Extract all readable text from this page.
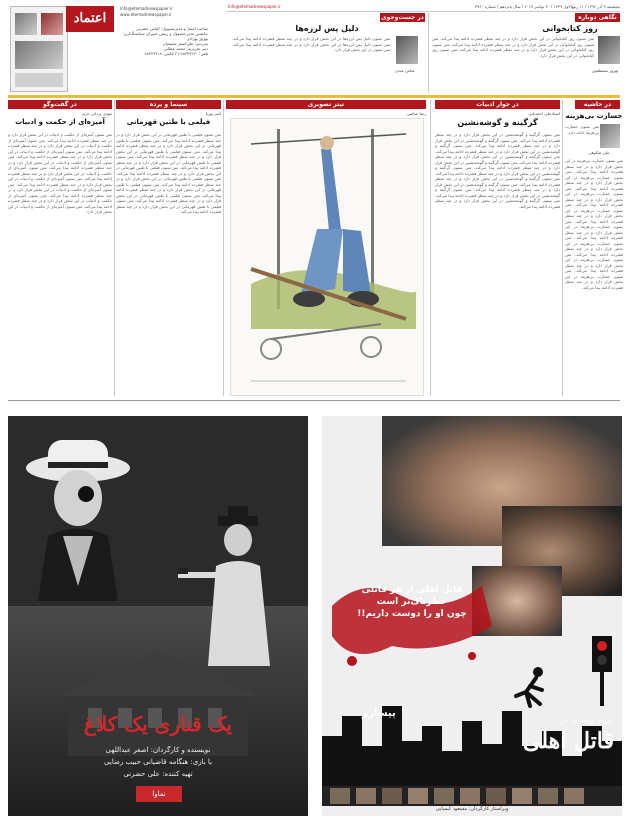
اعتماد
Info@etemadnewspaper.ir
www.etemadnewspaper.ir
صاحب امتیاز و مدیرمسوول: الیاس حضرتی
جانشین مدیر مسوول و رییس شورای سیاستگذاری: بهروز بهزادی
سردبیر: علی‌اصغر شفیعیان
دبیر تحریریه: محمد عطایی
تلفن: ۸۸۳۴۹۲۲۰-۲۱ فکس: ۸۸۳۴۹۳۱۸
Info@etemadnewspaper.ir	پنجشنبه ۹ آذر ۱۳۹۶ / ۱۱ ربیع‌الاول ۱۴۳۹ / ۳۰ نوامبر ۲۰۱۷ / سال پانزدهم / شماره ۳۹۶۰
نگاهی دوباره
روز کتابخوانی
بهروز مصطفوی
متن ستون روز کتابخوانی در این بخش قرار دارد و در چند سطر فشرده ادامه پیدا می‌کند. متن ستون روز کتابخوانی در این بخش قرار دارد و در چند سطر فشرده ادامه پیدا می‌کند. متن ستون روز کتابخوانی در این بخش قرار دارد و در چند سطر فشرده ادامه پیدا می‌کند. متن ستون روز کتابخوانی در این بخش قرار دارد.
در جست‌وجوی
دلیل پس لرزه‌ها
عباس عبدی
متن ستون دلیل پس لرزه‌ها در این بخش قرار دارد و در چند سطر فشرده ادامه پیدا می‌کند. متن ستون دلیل پس لرزه‌ها در این بخش قرار دارد و در چند سطر فشرده ادامه پیدا می‌کند. متن ستون در این بخش قرار دارد.
در حاشیه
در جوار ادبیات
تیتر تصویری
سینما و پرده
در گفت‌وگو
جسارت بی‌هزینه
علی شکوهی
متن ستون جسارت بی‌هزینه ادامه دارد.
متن ستون جسارت بی‌هزینه در این بخش قرار دارد و در چند سطر فشرده ادامه پیدا می‌کند. متن ستون جسارت بی‌هزینه در این بخش قرار دارد و در چند سطر فشرده ادامه پیدا می‌کند. متن ستون جسارت بی‌هزینه در این بخش قرار دارد و در چند سطر فشرده ادامه پیدا می‌کند. متن ستون جسارت بی‌هزینه در این بخش قرار دارد و در چند سطر فشرده ادامه پیدا می‌کند. متن ستون جسارت بی‌هزینه در این بخش قرار دارد و در چند سطر فشرده ادامه پیدا می‌کند. متن ستون جسارت بی‌هزینه در این بخش قرار دارد و در چند سطر فشرده ادامه پیدا می‌کند. متن ستون جسارت بی‌هزینه در این بخش قرار دارد و در چند سطر فشرده ادامه پیدا می‌کند. متن ستون جسارت بی‌هزینه در این بخش قرار دارد و در چند سطر فشرده ادامه پیدا می‌کند.
استادعلی احمدیانی
گرگینه و گوشه‌نشین
متن ستون گرگینه و گوشه‌نشین در این بخش قرار دارد و در چند سطر فشرده ادامه پیدا می‌کند. متن ستون گرگینه و گوشه‌نشین در این بخش قرار دارد و در چند سطر فشرده ادامه پیدا می‌کند. متن ستون گرگینه و گوشه‌نشین در این بخش قرار دارد و در چند سطر فشرده ادامه پیدا می‌کند. متن ستون گرگینه و گوشه‌نشین در این بخش قرار دارد و در چند سطر فشرده ادامه پیدا می‌کند. متن ستون گرگینه و گوشه‌نشین در این بخش قرار دارد و در چند سطر فشرده ادامه پیدا می‌کند. متن ستون گرگینه و گوشه‌نشین در این بخش قرار دارد و در چند سطر فشرده ادامه پیدا می‌کند. متن ستون گرگینه و گوشه‌نشین در این بخش قرار دارد و در چند سطر فشرده ادامه پیدا می‌کند. متن ستون گرگینه و گوشه‌نشین در این بخش قرار دارد و در چند سطر فشرده ادامه پیدا می‌کند. متن ستون گرگینه و گوشه‌نشین در این بخش قرار دارد و در چند سطر فشرده ادامه پیدا می‌کند. متن ستون گرگینه و گوشه‌نشین در این بخش قرار دارد و در چند سطر فشرده ادامه پیدا می‌کند.
رضا عیاضی
امیر پوریا
فیلمی با طنین قهرمانی
متن ستون فیلمی با طنین قهرمانی در این بخش قرار دارد و در چند سطر فشرده ادامه پیدا می‌کند. متن ستون فیلمی با طنین قهرمانی در این بخش قرار دارد و در چند سطر فشرده ادامه پیدا می‌کند. متن ستون فیلمی با طنین قهرمانی در این بخش قرار دارد و در چند سطر فشرده ادامه پیدا می‌کند. متن ستون فیلمی با طنین قهرمانی در این بخش قرار دارد و در چند سطر فشرده ادامه پیدا می‌کند. متن ستون فیلمی با طنین قهرمانی در این بخش قرار دارد و در چند سطر فشرده ادامه پیدا می‌کند. متن ستون فیلمی با طنین قهرمانی در این بخش قرار دارد و در چند سطر فشرده ادامه پیدا می‌کند. متن ستون فیلمی با طنین قهرمانی در این بخش قرار دارد و در چند سطر فشرده ادامه پیدا می‌کند. متن ستون فیلمی با طنین قهرمانی در این بخش قرار دارد و در چند سطر فشرده ادامه پیدا می‌کند. متن ستون فیلمی با طنین قهرمانی در این بخش قرار دارد و در چند سطر فشرده ادامه پیدا می‌کند.
مهدی یزدانی خرم
آمیزه‌ای از حکمت و ادبیات
متن ستون آمیزه‌ای از حکمت و ادبیات در این بخش قرار دارد و در چند سطر فشرده ادامه پیدا می‌کند. متن ستون آمیزه‌ای از حکمت و ادبیات در این بخش قرار دارد و در چند سطر فشرده ادامه پیدا می‌کند. متن ستون آمیزه‌ای از حکمت و ادبیات در این بخش قرار دارد و در چند سطر فشرده ادامه پیدا می‌کند. متن ستون آمیزه‌ای از حکمت و ادبیات در این بخش قرار دارد و در چند سطر فشرده ادامه پیدا می‌کند. متن ستون آمیزه‌ای از حکمت و ادبیات در این بخش قرار دارد و در چند سطر فشرده ادامه پیدا می‌کند. متن ستون آمیزه‌ای از حکمت و ادبیات در این بخش قرار دارد و در چند سطر فشرده ادامه پیدا می‌کند. متن ستون آمیزه‌ای از حکمت و ادبیات در این بخش قرار دارد و در چند سطر فشرده ادامه پیدا می‌کند. متن ستون آمیزه‌ای از حکمت و ادبیات در این بخش قرار دارد و در چند سطر فشرده ادامه پیدا می‌کند. متن ستون آمیزه‌ای از حکمت و ادبیات در این بخش قرار دارد.
یک قناری یک کلاغ
نویسنده و کارگردان: اصغر عبداللهی
با بازی: هنگامه قاضیانی حبیب رضایی
تهیه کننده: علی حضرتی
نماوا
قاتل اهلی از هر قاتلی
خطرناک‌تر است
چون او را دوست داریم!!
پیسارو
پرویز پرستویی در
قاتل اهلی
ویراستار کارگردان: مسعود کیمیایی
